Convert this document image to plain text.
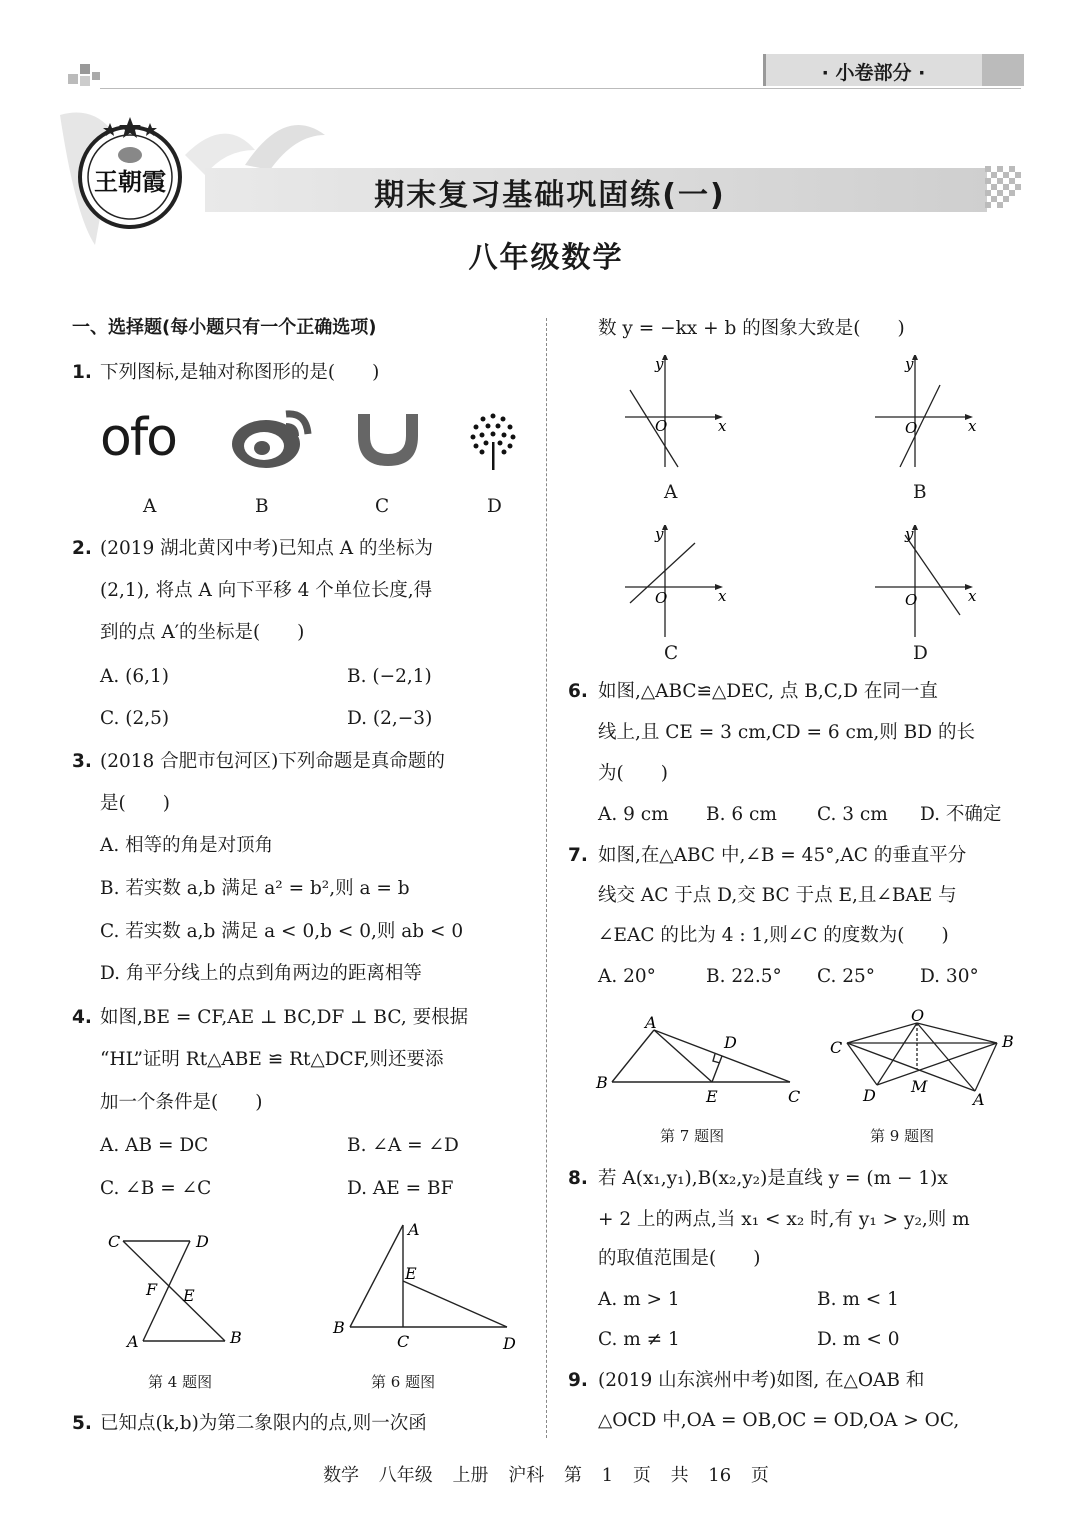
· 小卷部分 ·
王朝霞	期末复习基础巩固练(一)
八年级数学
一、选择题(每小题只有一个正确选项)
1. 下列图标,是轴对称图形的是(　　)
ofo
A	B	C	D
2. (2019 湖北黄冈中考)已知点 A 的坐标为
(2,1), 将点 A 向下平移 4 个单位长度,得
到的点 A′的坐标是(　　)
A. (6,1)	B. (−2,1)
C. (2,5)	D. (2,−3)
3. (2018 合肥市包河区)下列命题是真命题的
是(　　)
A. 相等的角是对顶角
B. 若实数 a,b 满足 a² = b²,则 a = b
C. 若实数 a,b 满足 a < 0,b < 0,则 ab < 0
D. 角平分线上的点到角两边的距离相等
4. 如图,BE = CF,AE ⊥ BC,DF ⊥ BC, 要根据
“HL”证明 Rt△ABE ≌ Rt△DCF,则还要添
加一个条件是(　　)
A. AB = DC	B. ∠A = ∠D
C. ∠B = ∠C	D. AE = BF
C	D
F E
A	B
第 4 题图
A
E
B
C	D
第 6 题图
5. 已知点(k,b)为第二象限内的点,则一次函
数 y = −kx + b 的图象大致是(　　)
x
y
O
A
x
y
O
B
x
y
O
C
x
y
O
D
6. 如图,△ABC≌△DEC, 点 B,C,D 在同一直
线上,且 CE = 3 cm,CD = 6 cm,则 BD 的长
为(　　)
A. 9 cm B. 6 cm C. 3 cm D. 不确定
7. 如图,在△ABC 中,∠B = 45°,AC 的垂直平分
线交 AC 于点 D,交 BC 于点 E,且∠BAE 与
∠EAC 的比为 4 : 1,则∠C 的度数为(　　)
A. 20°	B. 22.5° C. 25° D. 30°
A
D
B
E	C
第 7 题图
O
C	B
D M
A
第 9 题图
8. 若 A(x₁,y₁),B(x₂,y₂)是直线 y = (m − 1)x
+ 2 上的两点,当 x₁ < x₂ 时,有 y₁ > y₂,则 m
的取值范围是(　　)
A. m > 1	B. m < 1
C. m ≠ 1	D. m < 0
9. (2019 山东滨州中考)如图, 在△OAB 和
△OCD 中,OA = OB,OC = OD,OA > OC,
数学 八年级 上册 沪科 第 1 页 共 16 页
